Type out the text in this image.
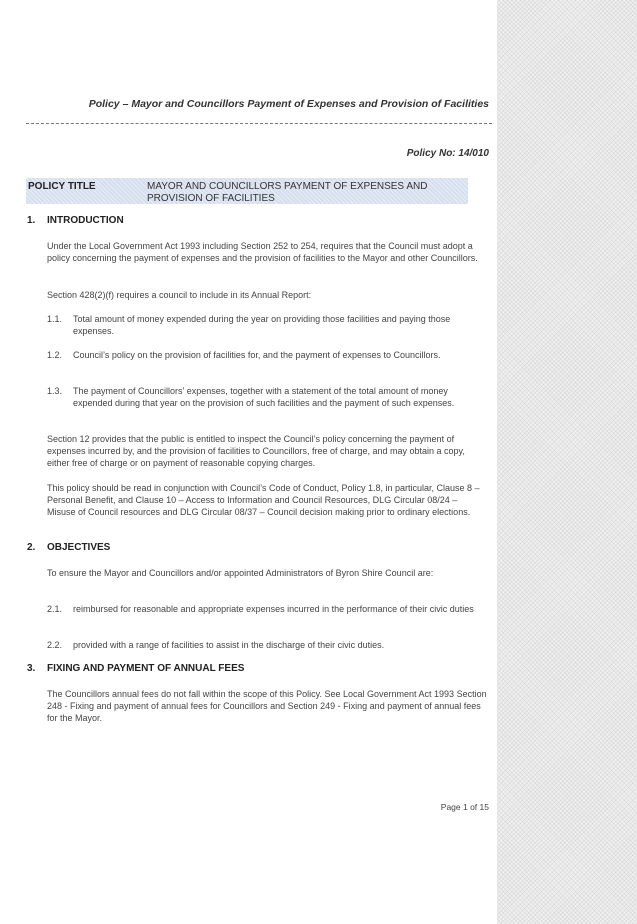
Policy – Mayor and Councillors Payment of Expenses and Provision of Facilities
Policy No: 14/010
POLICY TITLE	MAYOR AND COUNCILLORS PAYMENT OF EXPENSES AND PROVISION OF FACILITIES
1. INTRODUCTION
Under the Local Government Act 1993 including Section 252 to 254, requires that the Council must adopt a policy concerning the payment of expenses and the provision of facilities to the Mayor and other Councillors.
Section 428(2)(f) requires a council to include in its Annual Report:
1.1. Total amount of money expended during the year on providing those facilities and paying those expenses.
1.2. Council’s policy on the provision of facilities for, and the payment of expenses to Councillors.
1.3. The payment of Councillors’ expenses, together with a statement of the total amount of money expended during that year on the provision of such facilities and the payment of such expenses.
Section 12 provides that the public is entitled to inspect the Council’s policy concerning the payment of expenses incurred by, and the provision of facilities to Councillors, free of charge, and may obtain a copy, either free of charge or on payment of reasonable copying charges.
This policy should be read in conjunction with Council’s Code of Conduct, Policy 1.8, in particular, Clause 8 – Personal Benefit, and Clause 10 – Access to Information and Council Resources, DLG Circular 08/24 – Misuse of Council resources and DLG Circular 08/37 – Council decision making prior to ordinary elections.
2. OBJECTIVES
To ensure the Mayor and Councillors and/or appointed Administrators of Byron Shire Council are:
2.1. reimbursed for reasonable and appropriate expenses incurred in the performance of their civic duties
2.2. provided with a range of facilities to assist in the discharge of their civic duties.
3. FIXING AND PAYMENT OF ANNUAL FEES
The Councillors annual fees do not fall within the scope of this Policy. See Local Government Act 1993 Section 248 - Fixing and payment of annual fees for Councillors and Section 249 - Fixing and payment of annual fees for the Mayor.
Page 1 of 15
